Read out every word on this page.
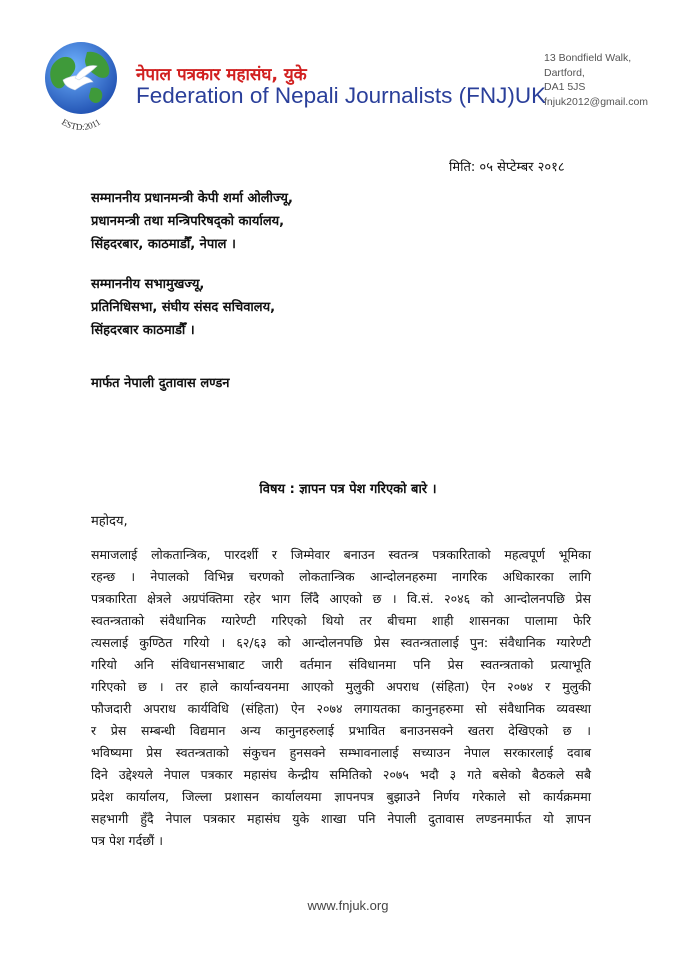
ESTD:2011
नेपाल पत्रकार महासंघ, युके
Federation of Nepali Journalists (FNJ)UK
13 Bondfield Walk,
Dartford,
DA1 5JS
fnjuk2012@gmail.com
मिति: ०५ सेप्टेम्बर २०१८
सम्माननीय प्रधानमन्त्री केपी शर्मा ओलीज्यू,
प्रधानमन्त्री तथा मन्त्रिपरिषद्को कार्यालय,
सिंहदरबार, काठमाडौँ, नेपाल ।
सम्माननीय सभामुखज्यू,
प्रतिनिधिसभा, संघीय संसद सचिवालय,
सिंहदरबार काठमाडौँ ।
मार्फत नेपाली दुतावास लण्डन
विषय : ज्ञापन पत्र पेश गरिएको बारे ।
महोदय,
समाजलाई लोकतान्त्रिक, पारदर्शी र जिम्मेवार बनाउन स्वतन्त्र पत्रकारिताको महत्वपूर्ण भूमिका
रहन्छ । नेपालको विभिन्न चरणको लोकतान्त्रिक आन्दोलनहरुमा नागरिक अधिकारका लागि
पत्रकारिता क्षेत्रले अग्रपंक्तिमा रहेर भाग लिँदै आएको छ । वि.सं. २०४६ को आन्दोलनपछि प्रेस
स्वतन्त्रताको संवैधानिक ग्यारेण्टी गरिएको थियो तर बीचमा शाही शासनका पालामा फेरि
त्यसलाई कुण्ठित गरियो । ६२/६३ को आन्दोलनपछि प्रेस स्वतन्त्रतालाई पुन: संवैधानिक ग्यारेण्टी
गरियो अनि संविधानसभाबाट जारी वर्तमान संविधानमा पनि प्रेस स्वतन्त्रताको प्रत्याभूति
गरिएको छ । तर हाले कार्यान्वयनमा आएको मुलुकी अपराध (संहिता) ऐन २०७४ र मुलुकी
फौजदारी अपराध कार्यविधि (संहिता) ऐन २०७४ लगायतका कानुनहरुमा सो संवैधानिक व्यवस्था
र प्रेस सम्बन्धी विद्यमान अन्य कानुनहरुलाई प्रभावित बनाउनसक्ने खतरा देखिएको छ ।
भविष्यमा प्रेस स्वतन्त्रताको संकुचन हुनसक्ने सम्भावनालाई सच्याउन नेपाल सरकारलाई दवाब
दिने उद्देश्यले नेपाल पत्रकार महासंघ केन्द्रीय समितिको २०७५ भदौ ३ गते बसेको बैठकले सबै
प्रदेश कार्यालय, जिल्ला प्रशासन कार्यालयमा ज्ञापनपत्र बुझाउने निर्णय गरेकाले सो कार्यक्रममा
सहभागी हुँदै नेपाल पत्रकार महासंघ युके शाखा पनि नेपाली दुतावास लण्डनमार्फत यो ज्ञापन
पत्र पेश गर्दछौं ।
www.fnjuk.org
